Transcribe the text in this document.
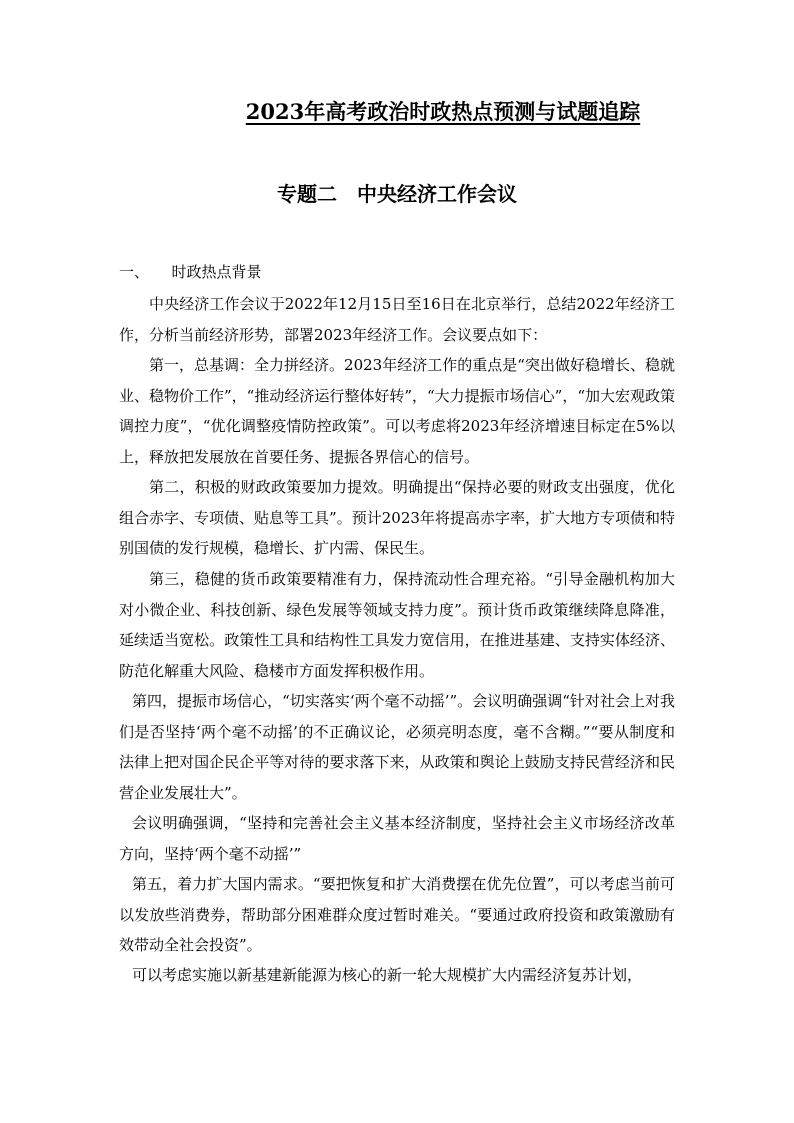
2023年高考政治时政热点预测与试题追踪
专题二　中央经济工作会议
一、　　时政热点背景

中央经济工作会议于2022年12月15日至16日在北京举行，总结2022年经济工作，分析当前经济形势，部署2023年经济工作。会议要点如下：

第一，总基调：全力拼经济。2023年经济工作的重点是“突出做好稳增长、稳就业、稳物价工作”，“推动经济运行整体好转”，“大力提振市场信心”，“加大宏观政策调控力度”，“优化调整疫情防控政策”。可以考虑将2023年经济增速目标定在5%以上，释放把发展放在首要任务、提振各界信心的信号。

第二，积极的财政政策要加力提效。明确提出“保持必要的财政支出强度，优化组合赤字、专项债、贴息等工具”。预计2023年将提高赤字率，扩大地方专项债和特别国债的发行规模，稳增长、扩内需、保民生。

第三，稳健的货币政策要精准有力，保持流动性合理充裕。“引导金融机构加大对小微企业、科技创新、绿色发展等领域支持力度”。预计货币政策继续降息降准，延续适当宽松。政策性工具和结构性工具发力宽信用，在推进基建、支持实体经济、防范化解重大风险、稳楼市方面发挥积极作用。

第四，提振市场信心，“切实落实‘两个毫不动摇’”。会议明确强调“针对社会上对我们是否坚持‘两个毫不动摇’的不正确议论，必须亮明态度，毫不含糊。”“要从制度和法律上把对国企民企平等对待的要求落下来，从政策和舆论上鼓励支持民营经济和民营企业发展壮大”。

会议明确强调，“坚持和完善社会主义基本经济制度，坚持社会主义市场经济改革方向，坚持‘两个毫不动摇’”

第五，着力扩大国内需求。“要把恢复和扩大消费摆在优先位置”，可以考虑当前可以发放些消费券，帮助部分困难群众度过暂时难关。“要通过政府投资和政策激励有效带动全社会投资”。

可以考虑实施以新基建新能源为核心的新一轮大规模扩大内需经济复苏计划，
